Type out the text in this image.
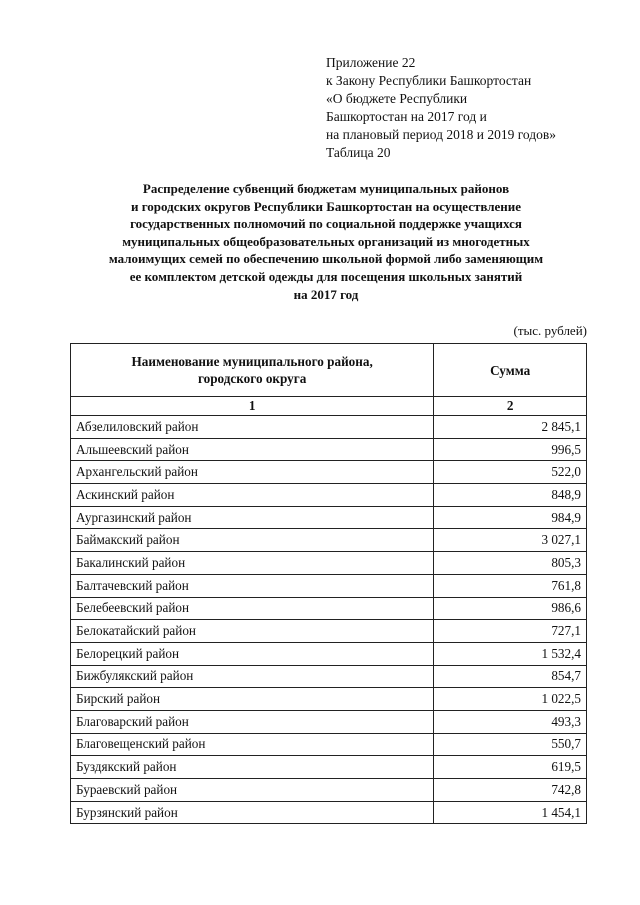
Приложение 22
к Закону Республики Башкортостан
«О бюджете Республики
Башкортостан на 2017 год и
на плановый период 2018 и 2019 годов»
Таблица 20
Распределение субвенций бюджетам муниципальных районов
и городских округов Республики Башкортостан на осуществление
государственных полномочий по социальной поддержке учащихся
муниципальных общеобразовательных организаций из многодетных
малоимущих семей по обеспечению школьной формой либо заменяющим
ее комплектом детской одежды для посещения школьных занятий
на 2017 год
(тыс. рублей)
Наименование муниципального района,
городского округа	Сумма
1	2
Абзелиловский район	2 845,1
Альшеевский район	996,5
Архангельский район	522,0
Аскинский район	848,9
Аургазинский район	984,9
Баймакский район	3 027,1
Бакалинский район	805,3
Балтачевский район	761,8
Белебеевский район	986,6
Белокатайский район	727,1
Белорецкий район	1 532,4
Бижбулякский район	854,7
Бирский район	1 022,5
Благоварский район	493,3
Благовещенский район	550,7
Буздякский район	619,5
Бураевский район	742,8
Бурзянский район	1 454,1
